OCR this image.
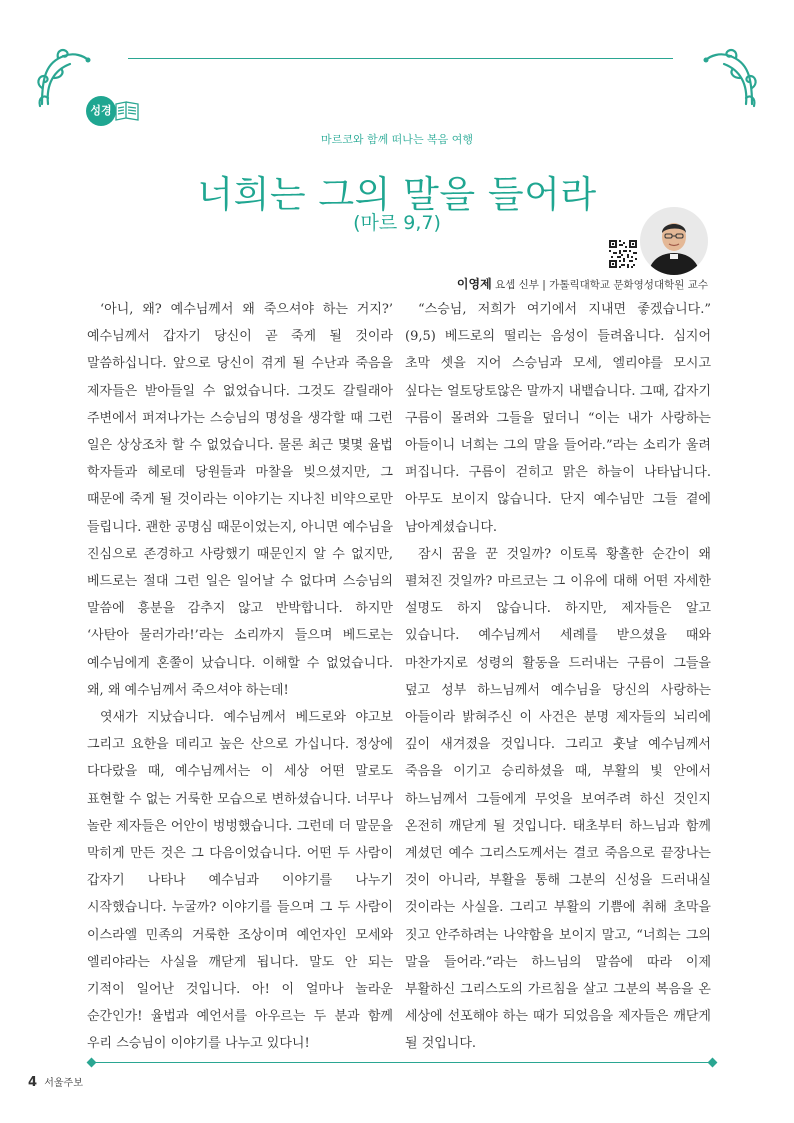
성경
마르코와 함께 떠나는 복음 여행
너희는 그의 말을 들어라
(마르 9,7)
이영제 요셉 신부 | 가톨릭대학교 문화영성대학원 교수

‘아니, 왜? 예수님께서 왜 죽으셔야 하는 거지?’ 예수님께서 갑자기 당신이 곧 죽게 될 것이라 말씀하십니다. 앞으로 당신이 겪게 될 수난과 죽음을 제자들은 받아들일 수 없었습니다. 그것도 갈릴래아 주변에서 퍼져나가는 스승님의 명성을 생각할 때 그런 일은 상상조차 할 수 없었습니다. 물론 최근 몇몇 율법 학자들과 헤로데 당원들과 마찰을 빚으셨지만, 그 때문에 죽게 될 것이라는 이야기는 지나친 비약으로만 들립니다. 괜한 공명심 때문이었는지, 아니면 예수님을 진심으로 존경하고 사랑했기 때문인지 알 수 없지만, 베드로는 절대 그런 일은 일어날 수 없다며 스승님의 말씀에 흥분을 감추지 않고 반박합니다. 하지만 ‘사탄아 물러가라!’라는 소리까지 들으며 베드로는 예수님에게 혼쭐이 났습니다. 이해할 수 없었습니다. 왜, 왜 예수님께서 죽으셔야 하는데!

엿새가 지났습니다. 예수님께서 베드로와 야고보 그리고 요한을 데리고 높은 산으로 가십니다. 정상에 다다랐을 때, 예수님께서는 이 세상 어떤 말로도 표현할 수 없는 거룩한 모습으로 변하셨습니다. 너무나 놀란 제자들은 어안이 벙벙했습니다. 그런데 더 말문을 막히게 만든 것은 그 다음이었습니다. 어떤 두 사람이 갑자기 나타나 예수님과 이야기를 나누기 시작했습니다. 누굴까? 이야기를 들으며 그 두 사람이 이스라엘 민족의 거룩한 조상이며 예언자인 모세와 엘리야라는 사실을 깨닫게 됩니다. 말도 안 되는 기적이 일어난 것입니다. 아! 이 얼마나 놀라운 순간인가! 율법과 예언서를 아우르는 두 분과 함께 우리 스승님이 이야기를 나누고 있다니!

“스승님, 저희가 여기에서 지내면 좋겠습니다.” (9,5) 베드로의 떨리는 음성이 들려옵니다. 심지어 초막 셋을 지어 스승님과 모세, 엘리야를 모시고 싶다는 얼토당토않은 말까지 내뱉습니다. 그때, 갑자기 구름이 몰려와 그들을 덮더니 “이는 내가 사랑하는 아들이니 너희는 그의 말을 들어라.”라는 소리가 울려 퍼집니다. 구름이 걷히고 맑은 하늘이 나타납니다. 아무도 보이지 않습니다. 단지 예수님만 그들 곁에 남아계셨습니다.

잠시 꿈을 꾼 것일까? 이토록 황홀한 순간이 왜 펼쳐진 것일까? 마르코는 그 이유에 대해 어떤 자세한 설명도 하지 않습니다. 하지만, 제자들은 알고 있습니다. 예수님께서 세례를 받으셨을 때와 마찬가지로 성령의 활동을 드러내는 구름이 그들을 덮고 성부 하느님께서 예수님을 당신의 사랑하는 아들이라 밝혀주신 이 사건은 분명 제자들의 뇌리에 깊이 새겨졌을 것입니다. 그리고 훗날 예수님께서 죽음을 이기고 승리하셨을 때, 부활의 빛 안에서 하느님께서 그들에게 무엇을 보여주려 하신 것인지 온전히 깨닫게 될 것입니다. 태초부터 하느님과 함께 계셨던 예수 그리스도께서는 결코 죽음으로 끝장나는 것이 아니라, 부활을 통해 그분의 신성을 드러내실 것이라는 사실을. 그리고 부활의 기쁨에 취해 초막을 짓고 안주하려는 나약함을 보이지 말고, “너희는 그의 말을 들어라.”라는 하느님의 말씀에 따라 이제 부활하신 그리스도의 가르침을 살고 그분의 복음을 온 세상에 선포해야 하는 때가 되었음을 제자들은 깨닫게 될 것입니다.

4 서울주보
